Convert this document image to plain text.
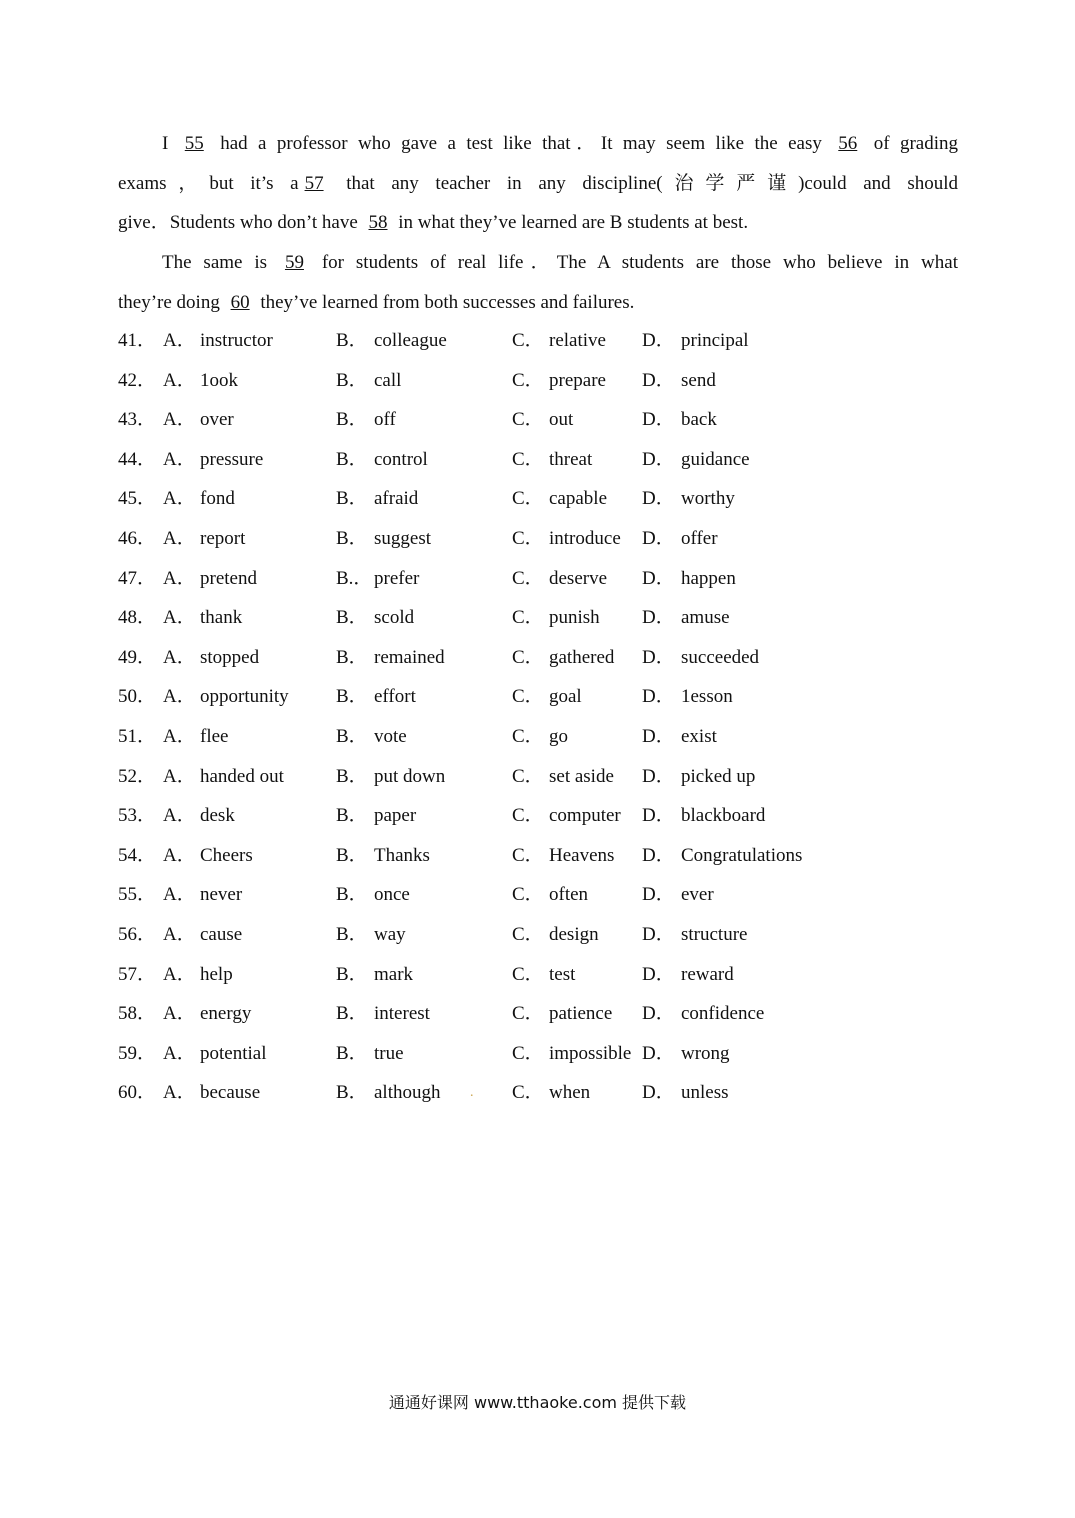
I 55 had a professor who gave a test like that．It may seem like the easy 56 of grading
exams，but it’s a 57 that any teacher in any discipline(治学严谨)could and should
give．Students who don’t have 58 in what they’ve learned are B students at best.
The same is 59 for students of real life．The A students are those who believe in what
they’re doing 60 they’ve learned from both successes and failures.
41． A． instructor	B． colleague	C． relative D． principal
42． A． 1ook	B． call	C． prepare D． send
43． A． over	B． off	C． out	D． back
44． A． pressure	B． control	C． threat	D． guidance
45． A． fond	B． afraid	C． capable D． worthy
46． A． report	B． suggest	C． introduce D． offer
47． A． pretend	B.． prefer	C． deserve D． happen
48． A． thank	B． scold	C． punish D． amuse
49． A． stopped	B． remained	C． gathered D． succeeded
50． A． opportunity B． effort	C． goal	D． 1esson
51． A． flee	B． vote	C． go	D． exist
52． A． handed out	B． put down	C． set aside D． picked up
53． A． desk	B． paper	C． computer D． blackboard
54． A． Cheers	B． Thanks	C． Heavens D． Congratulations
55． A． never	B． once	C． often	D． ever
56． A． cause	B． way	C． design D． structure
57． A． help	B． mark	C． test	D． reward
58． A． energy	B． interest	C． patience D． confidence
59． A． potential	B． true	C． impossible D． wrong
60． A． because	B． although	C． when	D． unless
.
通通好课网 www.tthaoke.com 提供下载
